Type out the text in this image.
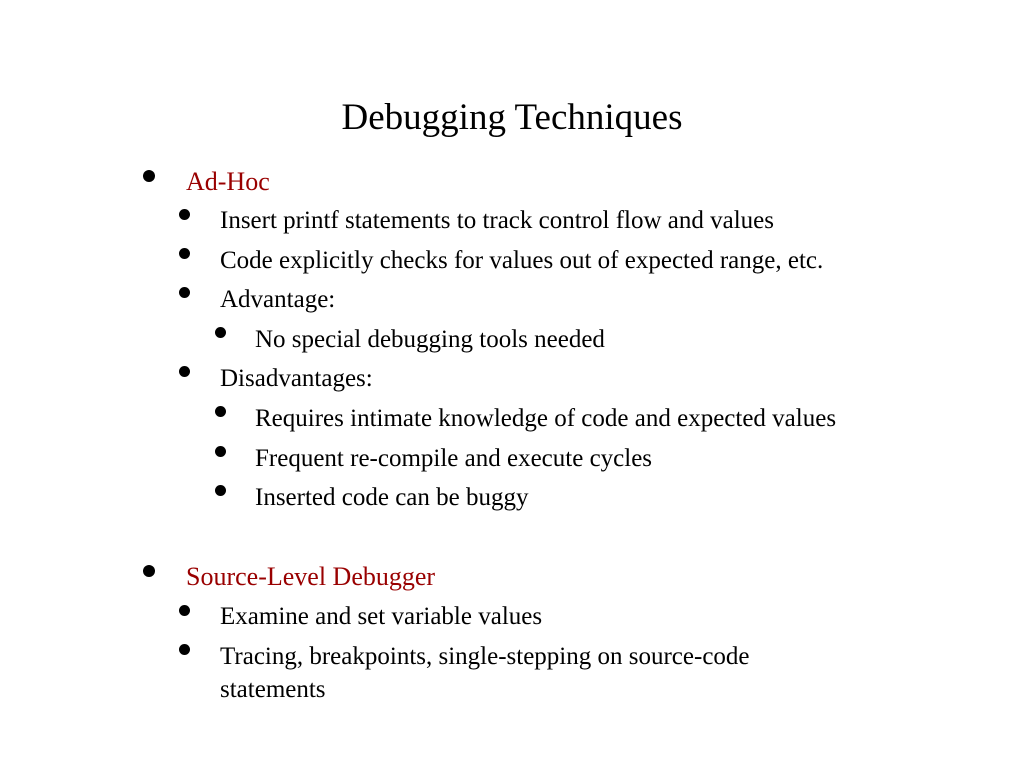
Debugging Techniques
Ad-Hoc
Insert printf statements to track control flow and values
Code explicitly checks for values out of expected range, etc.
Advantage:
No special debugging tools needed
Disadvantages:
Requires intimate knowledge of code and expected values
Frequent re-compile and execute cycles
Inserted code can be buggy
Source-Level Debugger
Examine and set variable values
Tracing, breakpoints, single-stepping on source-code
statements
